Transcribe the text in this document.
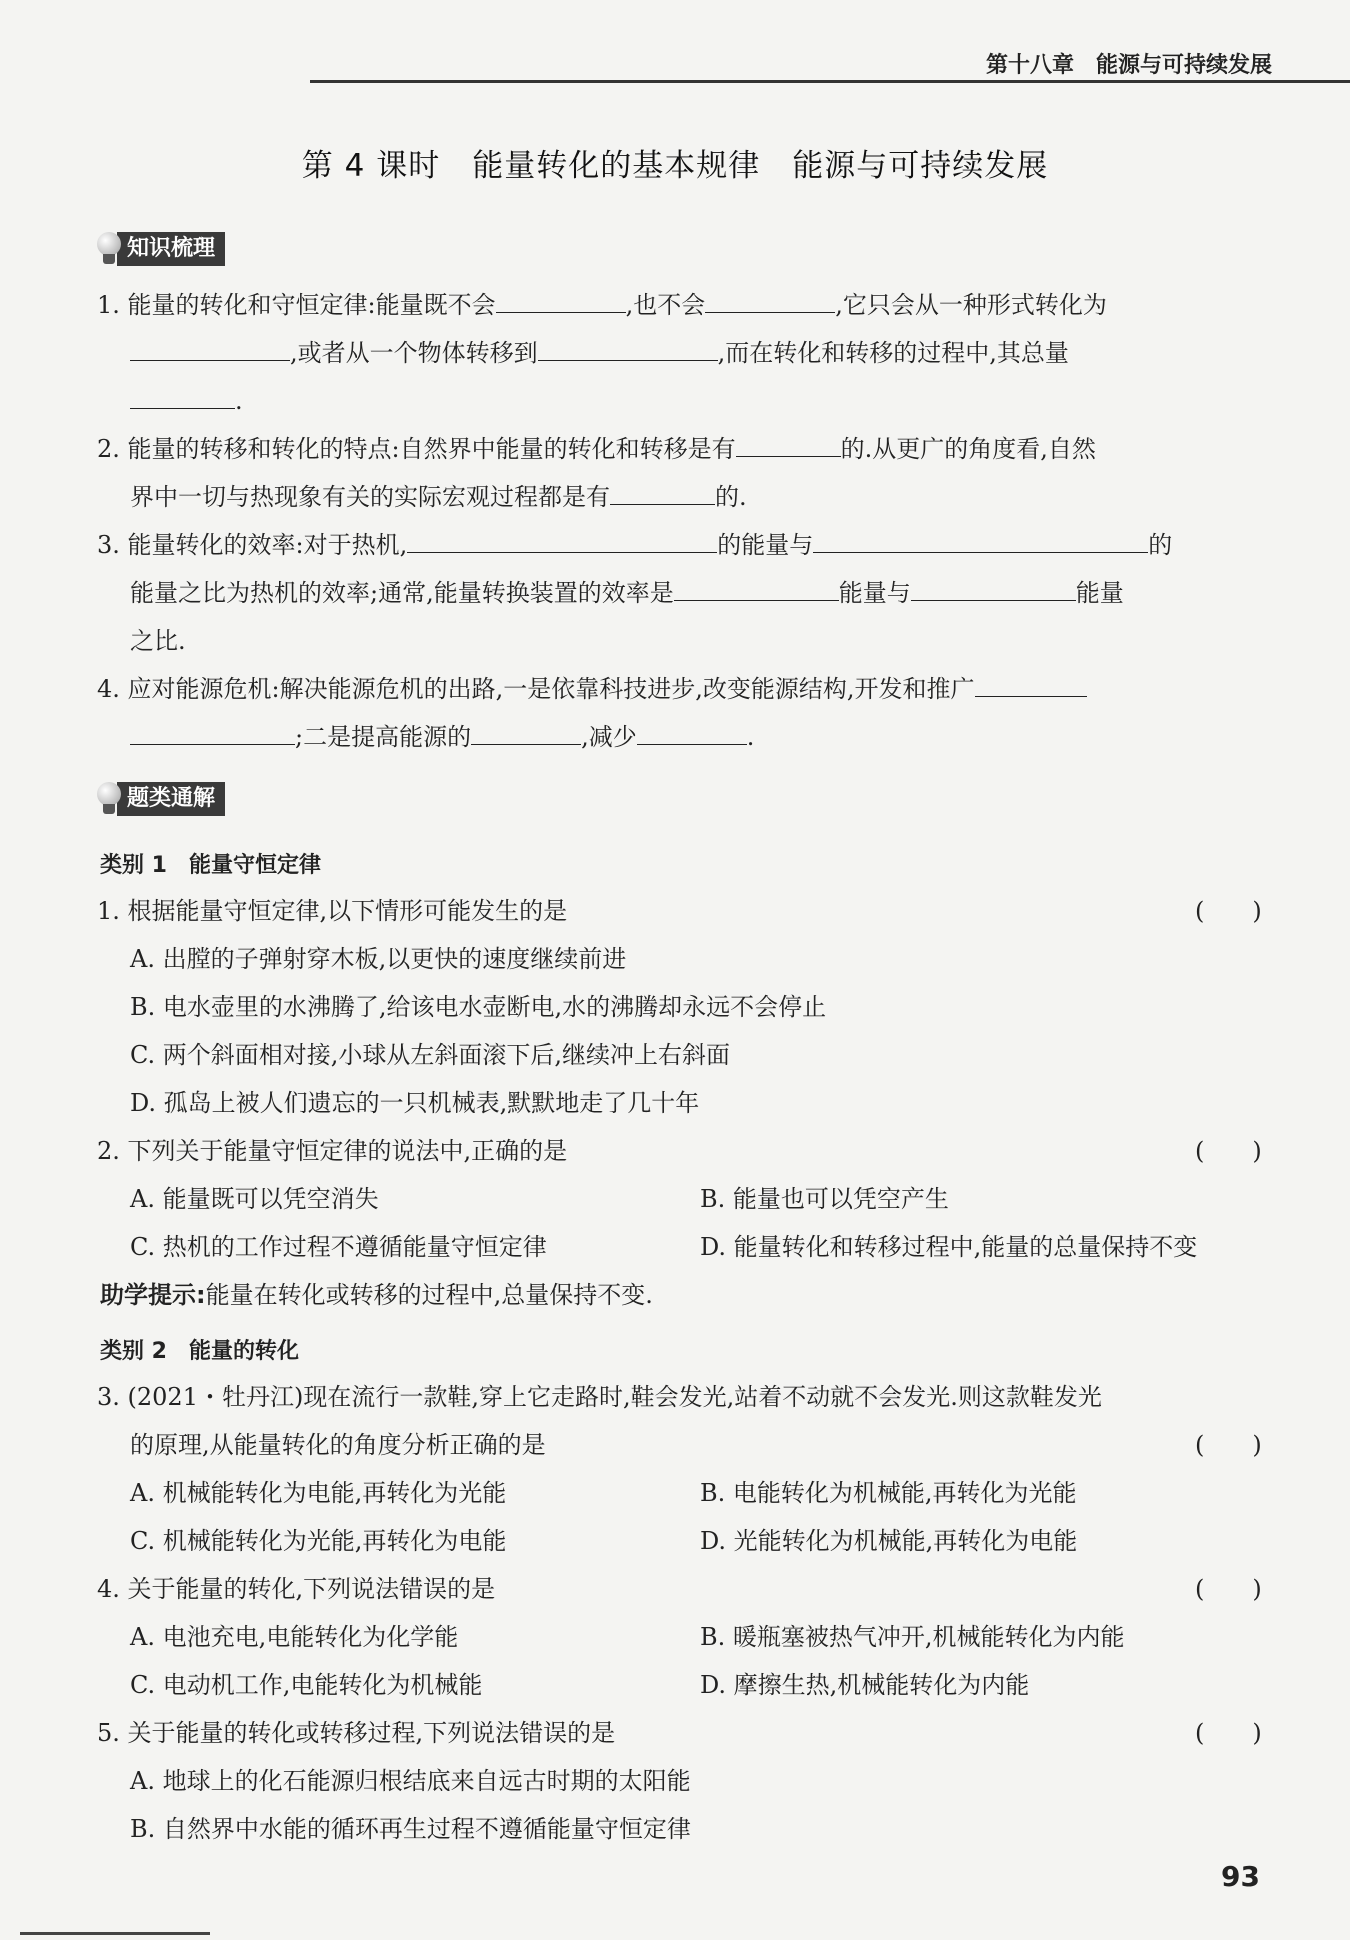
第十八章　能源与可持续发展
第 4 课时　能量转化的基本规律　能源与可持续发展
知识梳理
1. 能量的转化和守恒定律:能量既不会	,也不会	,它只会从一种形式转化为
,或者从一个物体转移到	,而在转化和转移的过程中,其总量
.
2. 能量的转移和转化的特点:自然界中能量的转化和转移是有	的.从更广的角度看,自然
界中一切与热现象有关的实际宏观过程都是有	的.
3. 能量转化的效率:对于热机,	的能量与	的
能量之比为热机的效率;通常,能量转换装置的效率是	能量与	能量
之比.
4. 应对能源危机:解决能源危机的出路,一是依靠科技进步,改变能源结构,开发和推广
;二是提高能源的	,减少	.
题类通解
类别 1　能量守恒定律
1. 根据能量守恒定律,以下情形可能发生的是	(　　)
A. 出膛的子弹射穿木板,以更快的速度继续前进
B. 电水壶里的水沸腾了,给该电水壶断电,水的沸腾却永远不会停止
C. 两个斜面相对接,小球从左斜面滚下后,继续冲上右斜面
D. 孤岛上被人们遗忘的一只机械表,默默地走了几十年
2. 下列关于能量守恒定律的说法中,正确的是	(　　)
A. 能量既可以凭空消失	B. 能量也可以凭空产生
C. 热机的工作过程不遵循能量守恒定律	D. 能量转化和转移过程中,能量的总量保持不变
助学提示:能量在转化或转移的过程中,总量保持不变.
类别 2　能量的转化
3. (2021・牡丹江)现在流行一款鞋,穿上它走路时,鞋会发光,站着不动就不会发光.则这款鞋发光
的原理,从能量转化的角度分析正确的是	(　　)
A. 机械能转化为电能,再转化为光能	B. 电能转化为机械能,再转化为光能
C. 机械能转化为光能,再转化为电能	D. 光能转化为机械能,再转化为电能
4. 关于能量的转化,下列说法错误的是	(　　)
A. 电池充电,电能转化为化学能	B. 暖瓶塞被热气冲开,机械能转化为内能
C. 电动机工作,电能转化为机械能	D. 摩擦生热,机械能转化为内能
5. 关于能量的转化或转移过程,下列说法错误的是	(　　)
A. 地球上的化石能源归根结底来自远古时期的太阳能
B. 自然界中水能的循环再生过程不遵循能量守恒定律
93
